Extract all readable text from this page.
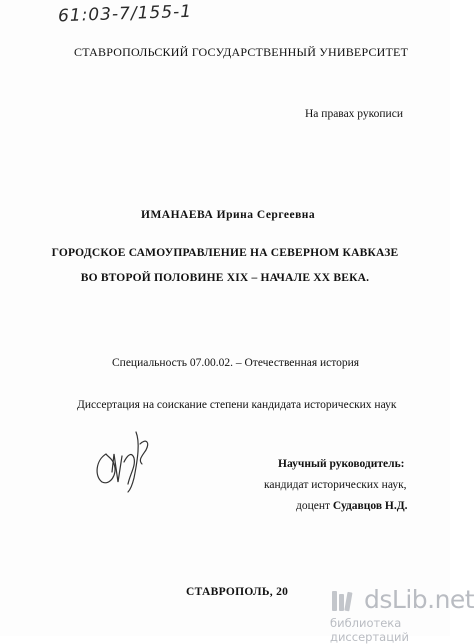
61:03-7/155-1
СТАВРОПОЛЬСКИЙ ГОСУДАРСТВЕННЫЙ УНИВЕРСИТЕТ
На правах рукописи
ИМАНАЕВА Ирина Сергеевна
ГОРОДСКОЕ САМОУПРАВЛЕНИЕ НА СЕВЕРНОМ КАВКАЗЕ
ВО ВТОРОЙ ПОЛОВИНЕ XIX – НАЧАЛЕ XX ВЕКА.
Специальность 07.00.02. – Отечественная история
Диссертация на соискание степени кандидата исторических наук
Научный руководитель:
кандидат исторических наук,
доцент Судавцов Н.Д.
СТАВРОПОЛЬ, 20	dsLib.net
библиотека диссертаций
